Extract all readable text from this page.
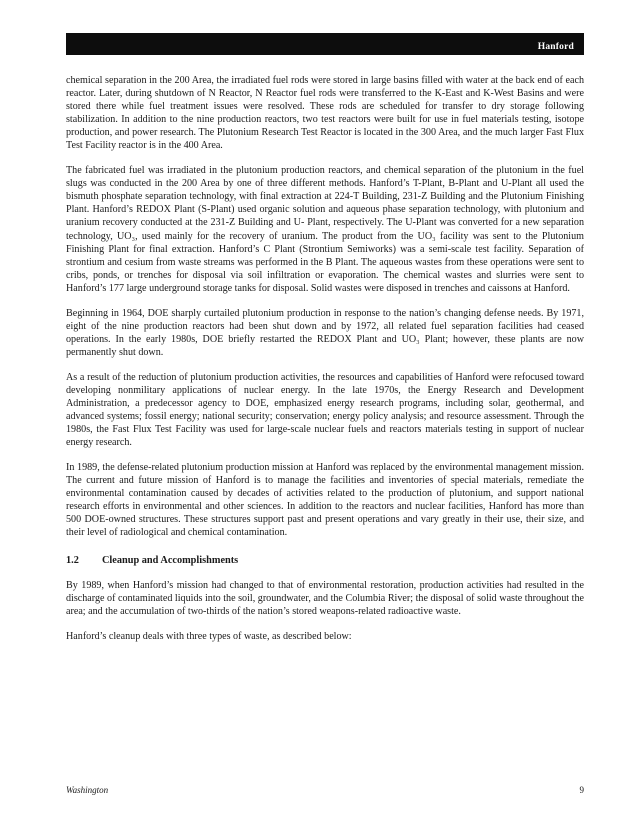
Hanford

chemical separation in the 200 Area, the irradiated fuel rods were stored in large basins filled with water at the back end of each reactor. Later, during shutdown of N Reactor, N Reactor fuel rods were transferred to the K-East and K-West Basins and were stored there while fuel treatment issues were resolved. These rods are scheduled for transfer to dry storage following stabilization. In addition to the nine production reactors, two test reactors were built for use in fuel materials testing, isotope production, and power research. The Plutonium Research Test Reactor is located in the 300 Area, and the much larger Fast Flux Test Facility reactor is in the 400 Area.

The fabricated fuel was irradiated in the plutonium production reactors, and chemical separation of the plutonium in the fuel slugs was conducted in the 200 Area by one of three different methods. Hanford’s T-Plant, B-Plant and U-Plant all used the bismuth phosphate separation technology, with final extraction at 224-T Building, 231-Z Building and the Plutonium Finishing Plant. Hanford’s REDOX Plant (S-Plant) used organic solution and aqueous phase separation technology, with plutonium and uranium recovery conducted at the 231-Z Building and U- Plant, respectively. The U-Plant was converted for a new separation technology, UO₃, used mainly for the recovery of uranium. The product from the UO₃ facility was sent to the Plutonium Finishing Plant for final extraction. Hanford’s C Plant (Strontium Semiworks) was a semi-scale test facility. Separation of strontium and cesium from waste streams was performed in the B Plant. The aqueous wastes from these operations were sent to cribs, ponds, or trenches for disposal via soil infiltration or evaporation. The chemical wastes and slurries were sent to Hanford’s 177 large underground storage tanks for disposal. Solid wastes were disposed in trenches and caissons at Hanford.

Beginning in 1964, DOE sharply curtailed plutonium production in response to the nation’s changing defense needs. By 1971, eight of the nine production reactors had been shut down and by 1972, all related fuel separation facilities had ceased operations. In the early 1980s, DOE briefly restarted the REDOX Plant and UO₃ Plant; however, these plants are now permanently shut down.

As a result of the reduction of plutonium production activities, the resources and capabilities of Hanford were refocused toward developing nonmilitary applications of nuclear energy. In the late 1970s, the Energy Research and Development Administration, a predecessor agency to DOE, emphasized energy research programs, including solar, geothermal, and advanced systems; fossil energy; national security; conservation; energy policy analysis; and resource assessment. Through the 1980s, the Fast Flux Test Facility was used for large-scale nuclear fuels and reactors materials testing in support of nuclear energy research.

In 1989, the defense-related plutonium production mission at Hanford was replaced by the environmental management mission. The current and future mission of Hanford is to manage the facilities and inventories of special materials, remediate the environmental contamination caused by decades of activities related to the production of plutonium, and support national research efforts in environmental and other sciences. In addition to the reactors and nuclear facilities, Hanford has more than 500 DOE-owned structures. These structures support past and present operations and vary greatly in their use, their size, and their level of radiological and chemical contamination.

1.2	Cleanup and Accomplishments

By 1989, when Hanford’s mission had changed to that of environmental restoration, production activities had resulted in the discharge of contaminated liquids into the soil, groundwater, and the Columbia River; the disposal of solid waste throughout the area; and the accumulation of two-thirds of the nation’s stored weapons-related radioactive waste.

Hanford’s cleanup deals with three types of waste, as described below:

Washington	9
